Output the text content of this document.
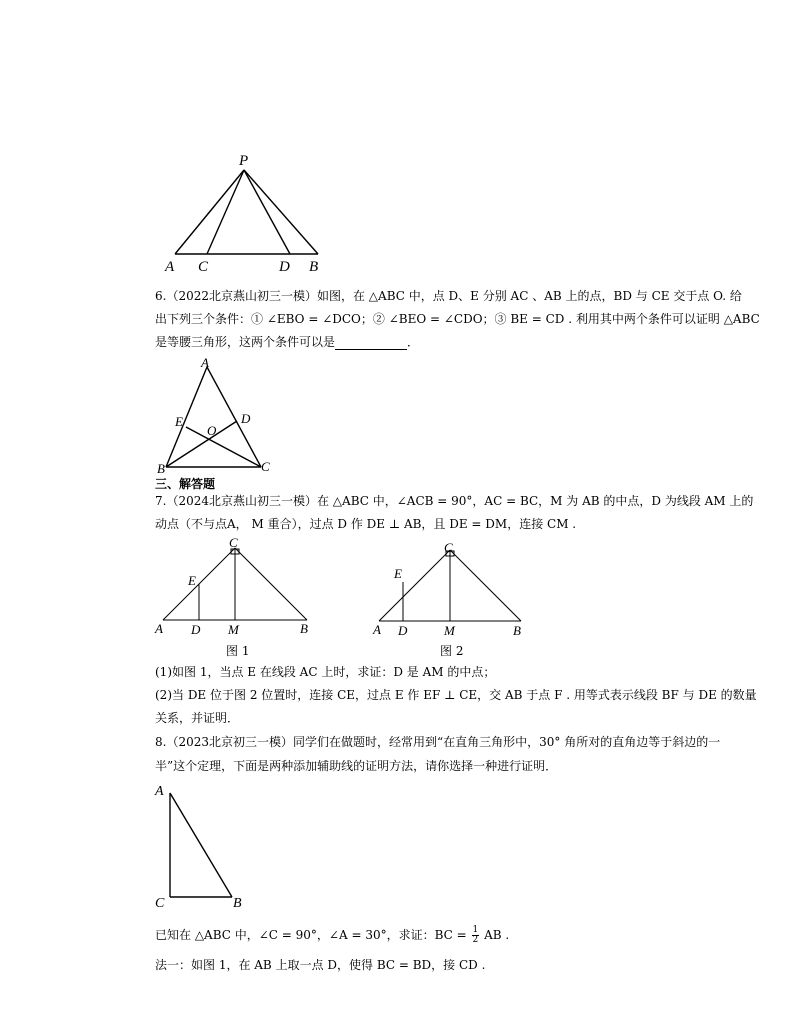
P
A C	D B
A
E	D
O
B	C
C
E
A D M	B
图 1
C
E
A D	M	B
图 2
A
C	B
6.（2022北京燕山初三一模）如图，在 △ABC 中，点 D、E 分别 AC 、AB 上的点，BD 与 CE 交于点 O. 给
出下列三个条件：① ∠EBO = ∠DCO；② ∠BEO = ∠CDO；③ BE = CD . 利用其中两个条件可以证明 △ABC
是等腰三角形，这两个条件可以是	．
三、解答题
7.（2024北京燕山初三一模）在 △ABC 中，∠ACB = 90°，AC = BC，M 为 AB 的中点，D 为线段 AM 上的
动点（不与点A， M 重合），过点 D 作 DE ⊥ AB，且 DE = DM，连接 CM .
(1)如图 1，当点 E 在线段 AC 上时，求证：D 是 AM 的中点；
(2)当 DE 位于图 2 位置时，连接 CE，过点 E 作 EF ⊥ CE，交 AB 于点 F . 用等式表示线段 BF 与 DE 的数量
关系，并证明．
8.（2023北京初三一模）同学们在做题时，经常用到“在直角三角形中，30° 角所对的直角边等于斜边的一
半”这个定理，下面是两种添加辅助线的证明方法，请你选择一种进行证明．
已知在 △ABC 中，∠C = 90°，∠A = 30°，求证：BC = $\frac{1}{2}$ AB .
法一：如图 1，在 AB 上取一点 D，使得 BC = BD，接 CD .
